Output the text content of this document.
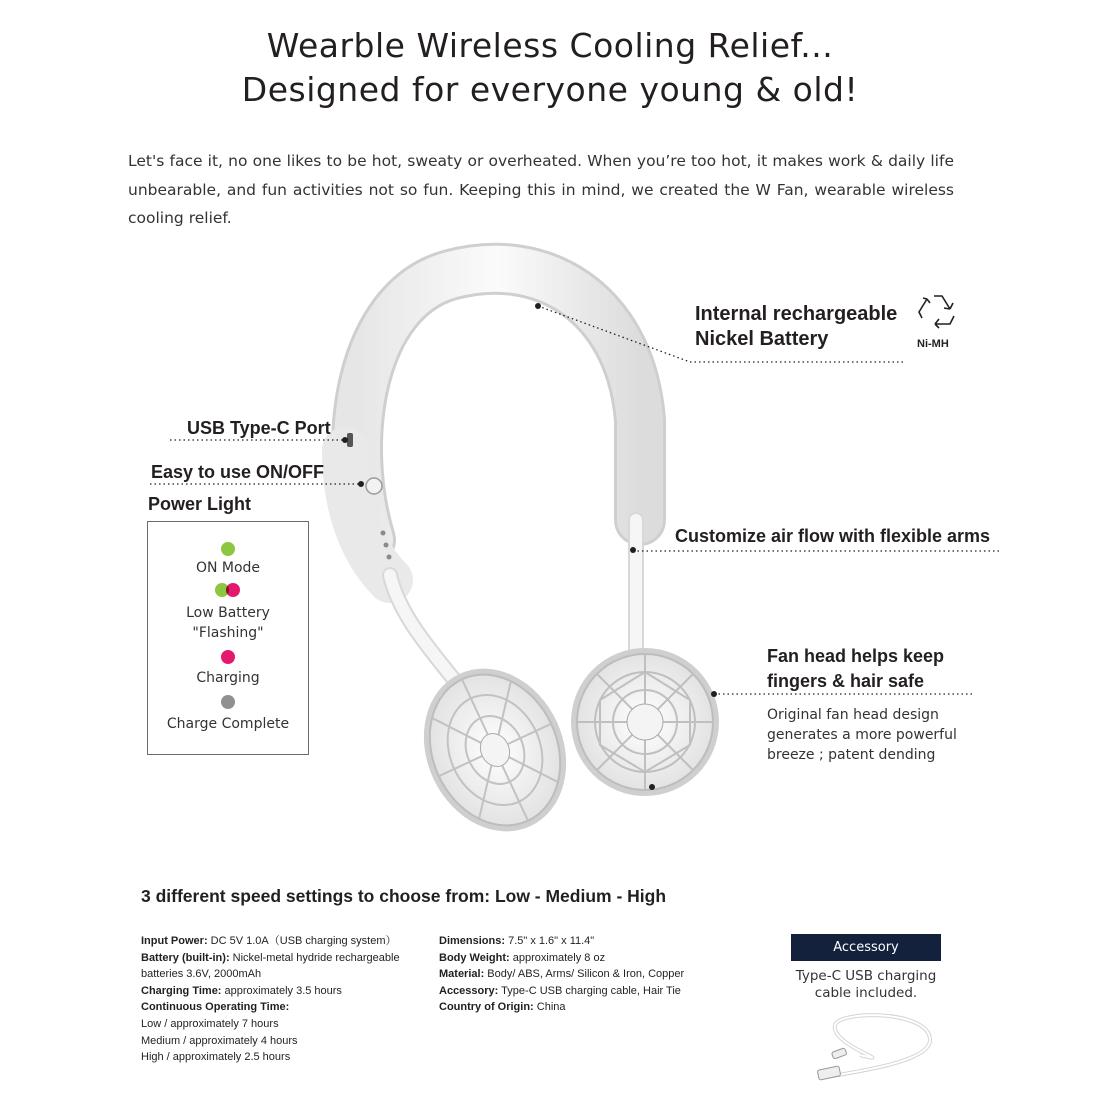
Wearble Wireless Cooling Relief...
Designed for everyone young & old!
Let's face it, no one likes to be hot, sweaty or overheated. When you’re too hot, it makes work & daily life
unbearable, and fun activities not so fun. Keeping this in mind, we created the W Fan, wearable wireless
cooling relief.
Internal rechargeable
Nickel Battery	Ni-MH
USB Type-C Port
Easy to use ON/OFF
Power Light
Customize air flow with flexible arms
Fan head helps keep
fingers & hair safe
Original fan head design
generates a more powerful
breeze ; patent dending
ON Mode
Low Battery
"Flashing"
Charging
Charge Complete
3 different speed settings to choose from: Low - Medium - High
Input Power: DC 5V 1.0A（USB charging system）
Battery (built-in): Nickel-metal hydride rechargeable
batteries 3.6V, 2000mAh
Charging Time: approximately 3.5 hours
Continuous Operating Time:
Low / approximately 7 hours
Medium / approximately 4 hours
High / approximately 2.5 hours
Dimensions: 7.5" x 1.6" x 11.4"
Body Weight: approximately 8 oz
Material: Body/ ABS, Arms/ Silicon & Iron, Copper
Accessory: Type-C USB charging cable, Hair Tie
Country of Origin: China
Accessory
Type-C USB charging
cable included.
